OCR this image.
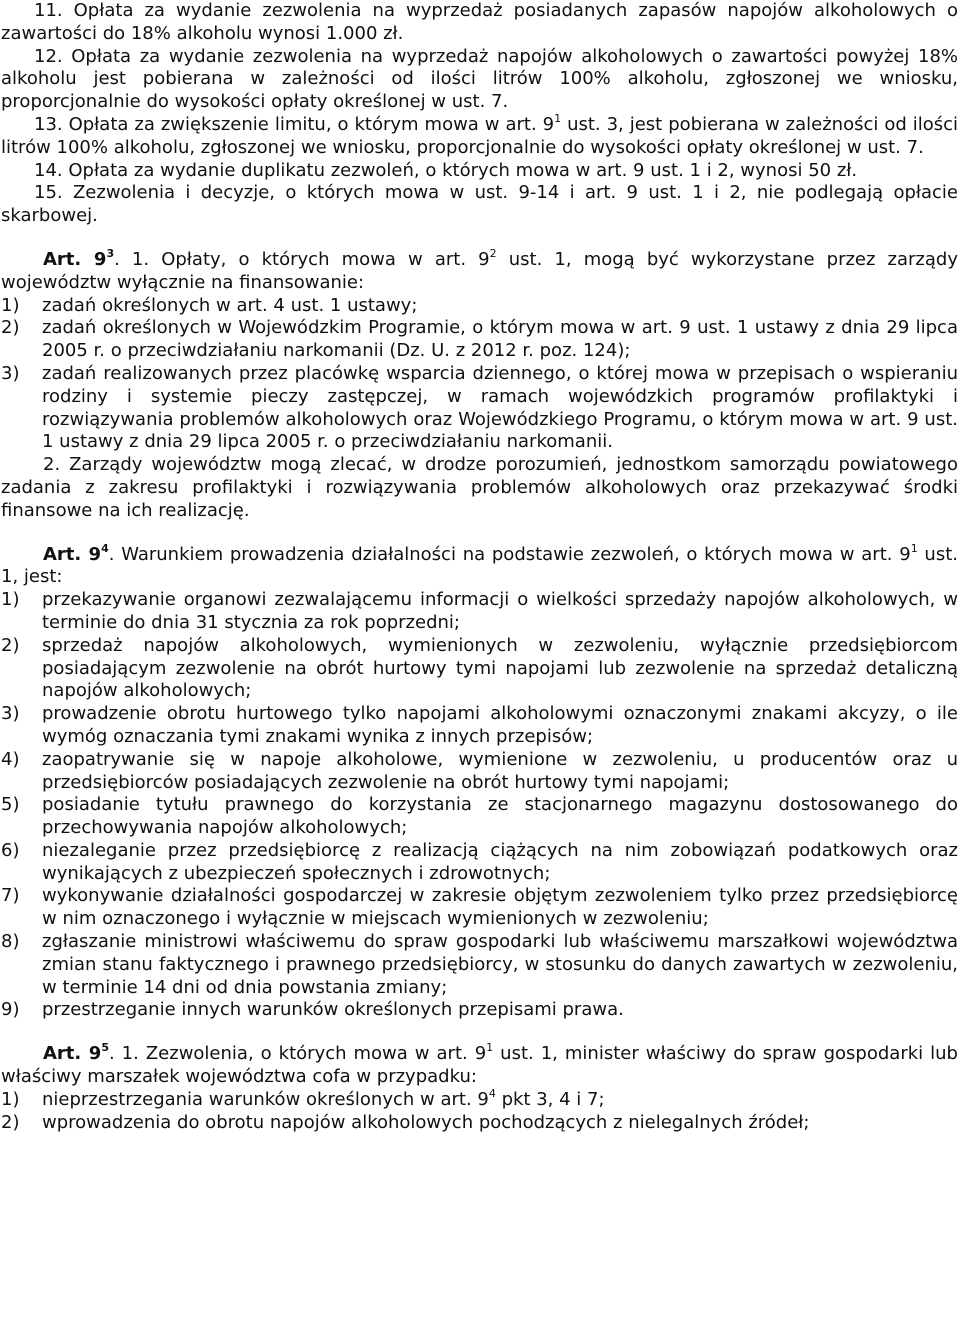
11. Opłata za wydanie zezwolenia na wyprzedaż posiadanych zapasów napojów alkoholowych o zawartości do 18% alkoholu wynosi 1.000 zł.

12. Opłata za wydanie zezwolenia na wyprzedaż napojów alkoholowych o zawartości powyżej 18% alkoholu jest pobierana w zależności od ilości litrów 100% alkoholu, zgłoszonej we wniosku, proporcjonalnie do wysokości opłaty określonej w ust. 7.

13. Opłata za zwiększenie limitu, o którym mowa w art. $9^1$ ust. 3, jest pobierana w zależności od ilości litrów 100% alkoholu, zgłoszonej we wniosku, proporcjonalnie do wysokości opłaty określonej w ust. 7.

14. Opłata za wydanie duplikatu zezwoleń, o których mowa w art. 9 ust. 1 i 2, wynosi 50 zł.

15. Zezwolenia i decyzje, o których mowa w ust. 9-14 i art. 9 ust. 1 i 2, nie podlegają opłacie skarbowej.

Art. $9^3$. 1. Opłaty, o których mowa w art. $9^2$ ust. 1, mogą być wykorzystane przez zarządy województw wyłącznie na finansowanie:

1) zadań określonych w art. 4 ust. 1 ustawy;
2) zadań określonych w Wojewódzkim Programie, o którym mowa w art. 9 ust. 1 ustawy z dnia 29 lipca 2005 r. o przeciwdziałaniu narkomanii (Dz. U. z 2012 r. poz. 124);
3) zadań realizowanych przez placówkę wsparcia dziennego, o której mowa w przepisach o wspieraniu rodziny i systemie pieczy zastępczej, w ramach wojewódzkich programów profilaktyki i rozwiązywania problemów alkoholowych oraz Wojewódzkiego Programu, o którym mowa w art. 9 ust. 1 ustawy z dnia 29 lipca 2005 r. o przeciwdziałaniu narkomanii.

2. Zarządy województw mogą zlecać, w drodze porozumień, jednostkom samorządu powiatowego zadania z zakresu profilaktyki i rozwiązywania problemów alkoholowych oraz przekazywać środki finansowe na ich realizację.

Art. $9^4$. Warunkiem prowadzenia działalności na podstawie zezwoleń, o których mowa w art. $9^1$ ust. 1, jest:

1) przekazywanie organowi zezwalającemu informacji o wielkości sprzedaży napojów alkoholowych, w terminie do dnia 31 stycznia za rok poprzedni;
2) sprzedaż napojów alkoholowych, wymienionych w zezwoleniu, wyłącznie przedsiębiorcom posiadającym zezwolenie na obrót hurtowy tymi napojami lub zezwolenie na sprzedaż detaliczną napojów alkoholowych;
3) prowadzenie obrotu hurtowego tylko napojami alkoholowymi oznaczonymi znakami akcyzy, o ile wymóg oznaczania tymi znakami wynika z innych przepisów;
4) zaopatrywanie się w napoje alkoholowe, wymienione w zezwoleniu, u producentów oraz u przedsiębiorców posiadających zezwolenie na obrót hurtowy tymi napojami;
5) posiadanie tytułu prawnego do korzystania ze stacjonarnego magazynu dostosowanego do przechowywania napojów alkoholowych;
6) niezaleganie przez przedsiębiorcę z realizacją ciążących na nim zobowiązań podatkowych oraz wynikających z ubezpieczeń społecznych i zdrowotnych;
7) wykonywanie działalności gospodarczej w zakresie objętym zezwoleniem tylko przez przedsiębiorcę w nim oznaczonego i wyłącznie w miejscach wymienionych w zezwoleniu;
8) zgłaszanie ministrowi właściwemu do spraw gospodarki lub właściwemu marszałkowi województwa zmian stanu faktycznego i prawnego przedsiębiorcy, w stosunku do danych zawartych w zezwoleniu, w terminie 14 dni od dnia powstania zmiany;
9) przestrzeganie innych warunków określonych przepisami prawa.

Art. $9^5$. 1. Zezwolenia, o których mowa w art. $9^1$ ust. 1, minister właściwy do spraw gospodarki lub właściwy marszałek województwa cofa w przypadku:

1) nieprzestrzegania warunków określonych w art. $9^4$ pkt 3, 4 i 7;
2) wprowadzenia do obrotu napojów alkoholowych pochodzących z nielegalnych źródeł;
